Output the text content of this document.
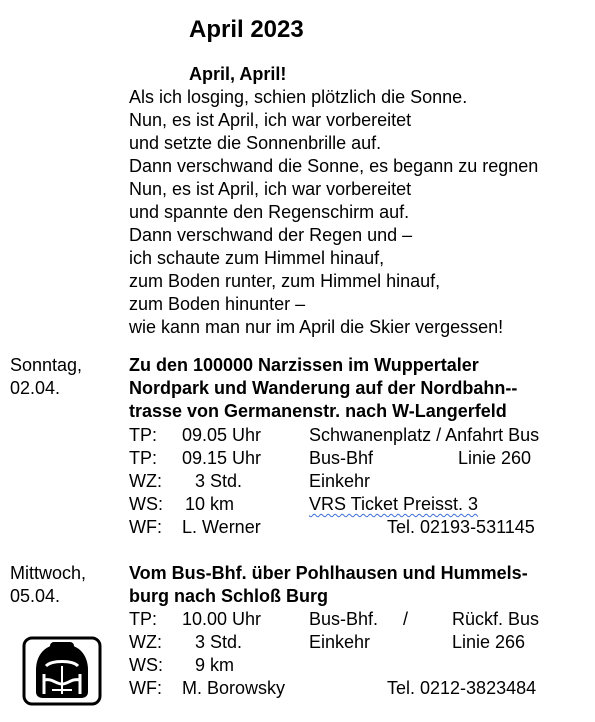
April 2023
April, April!
Als ich losging, schien plötzlich die Sonne.
Nun, es ist April, ich war vorbereitet
und setzte die Sonnenbrille auf.
Dann verschwand die Sonne, es begann zu regnen
Nun, es ist April, ich war vorbereitet
und spannte den Regenschirm auf.
Dann verschwand der Regen und –
ich schaute zum Himmel hinauf,
zum Boden runter, zum Himmel hinauf,
zum Boden hinunter –
wie kann man nur im April die Skier vergessen!
Sonntag,
02.04.
Zu den 100000 Narzissen im Wuppertaler
Nordpark und Wanderung auf der Nordbahn--
trasse von Germanenstr. nach W-Langerfeld
TP: 09.05 Uhr	Schwanenplatz / Anfahrt Bus
TP: 09.15 Uhr	Bus-Bhf	Linie 260
WZ: 3 Std.	Einkehr
WS: 10 km	VRS Ticket Preisst. 3
WF: L. Werner	Tel. 02193-531145
Mittwoch,
05.04.
Vom Bus-Bhf. über Pohlhausen und Hummels-
burg nach Schloß Burg
TP: 10.00 Uhr	Bus-Bhf.     / Rückf. Bus
WZ: 3 Std.	Einkehr	Linie 266
WS: 9 km
WF: M. Borowsky	Tel. 0212-3823484
